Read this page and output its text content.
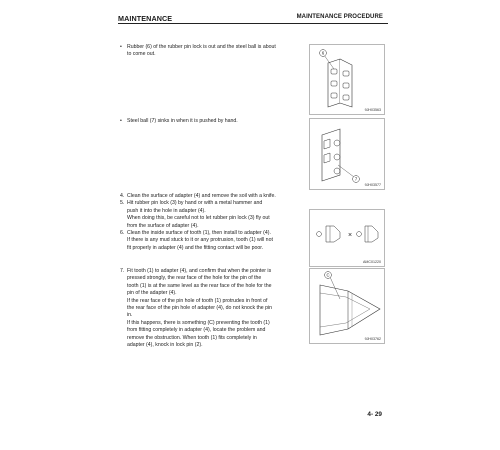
MAINTENANCE	MAINTENANCE PROCEDURE
• Rubber (6) of the rubber pin lock is out and the steel ball is about
to come out.	6
9JH03563
• Steel ball (7) sinks in when it is pushed by hand.
7
9JH03577
4. Clean the surface of adapter (4) and remove the soil with a knife.
5. Hit rubber pin lock (3) by hand or with a metal hammer and
push it into the hole in adapter (4).
When doing this, be careful not to let rubber pin lock (3) fly out
from the surface of adapter (4).
6. Clean the inside surface of tooth (1), then install to adapter (4).
If there is any mud stuck to it or any protrusion, tooth (1) will not
fit properly in adapter (4) and the fitting contact will be poor.
×
AMC01220
7. Fit tooth (1) to adapter (4), and confirm that when the pointer is
pressed strongly, the rear face of the hole for the pin of the
tooth (1) is at the same level as the rear face of the hole for the
pin of the adapter (4).
If the rear face of the pin hole of tooth (1) protrudes in front of
the rear face of the pin hole of adapter (4), do not knock the pin
in.
If this happens, there is something (C) preventing the tooth (1)
from fitting completely in adapter (4), locate the problem and
remove the obstruction. When tooth (1) fits completely in
adapter (4), knock in lock pin (2).
C
9JH03762
4- 29
